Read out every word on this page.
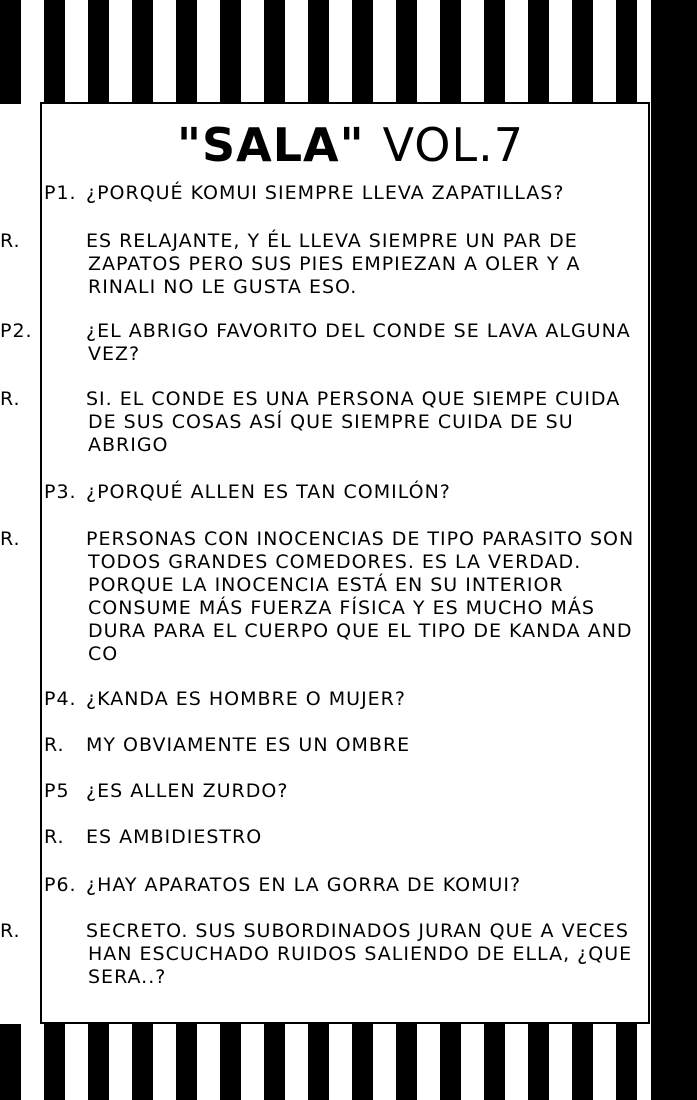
"SALA" VOL.7
P1. ¿PORQUÉ KOMUI SIEMPRE LLEVA ZAPATILLAS?
R.	ES RELAJANTE, Y ÉL LLEVA SIEMPRE UN PAR DE ZAPATOS PERO SUS PIES EMPIEZAN A OLER Y A RINALI NO LE GUSTA ESO.
P2.	¿EL ABRIGO FAVORITO DEL CONDE SE LAVA ALGUNA VEZ?
R.	SI. EL CONDE ES UNA PERSONA QUE SIEMPE CUIDA DE SUS COSAS ASÍ QUE SIEMPRE CUIDA DE SU ABRIGO
P3. ¿PORQUÉ ALLEN ES TAN COMILÓN?
R.	PERSONAS CON INOCENCIAS DE TIPO PARASITO SON TODOS GRANDES COMEDORES. ES LA VERDAD. PORQUE LA INOCENCIA ESTÁ EN SU INTERIOR CONSUME MÁS FUERZA FÍSICA Y ES MUCHO MÁS DURA PARA EL CUERPO QUE EL TIPO DE KANDA AND CO
P4. ¿KANDA ES HOMBRE O MUJER?
R. MY OBVIAMENTE ES UN OMBRE
P5 ¿ES ALLEN ZURDO?
R. ES AMBIDIESTRO
P6. ¿HAY APARATOS EN LA GORRA DE KOMUI?
R.	SECRETO. SUS SUBORDINADOS JURAN QUE A VECES HAN ESCUCHADO RUIDOS SALIENDO DE ELLA, ¿QUE SERA..?
